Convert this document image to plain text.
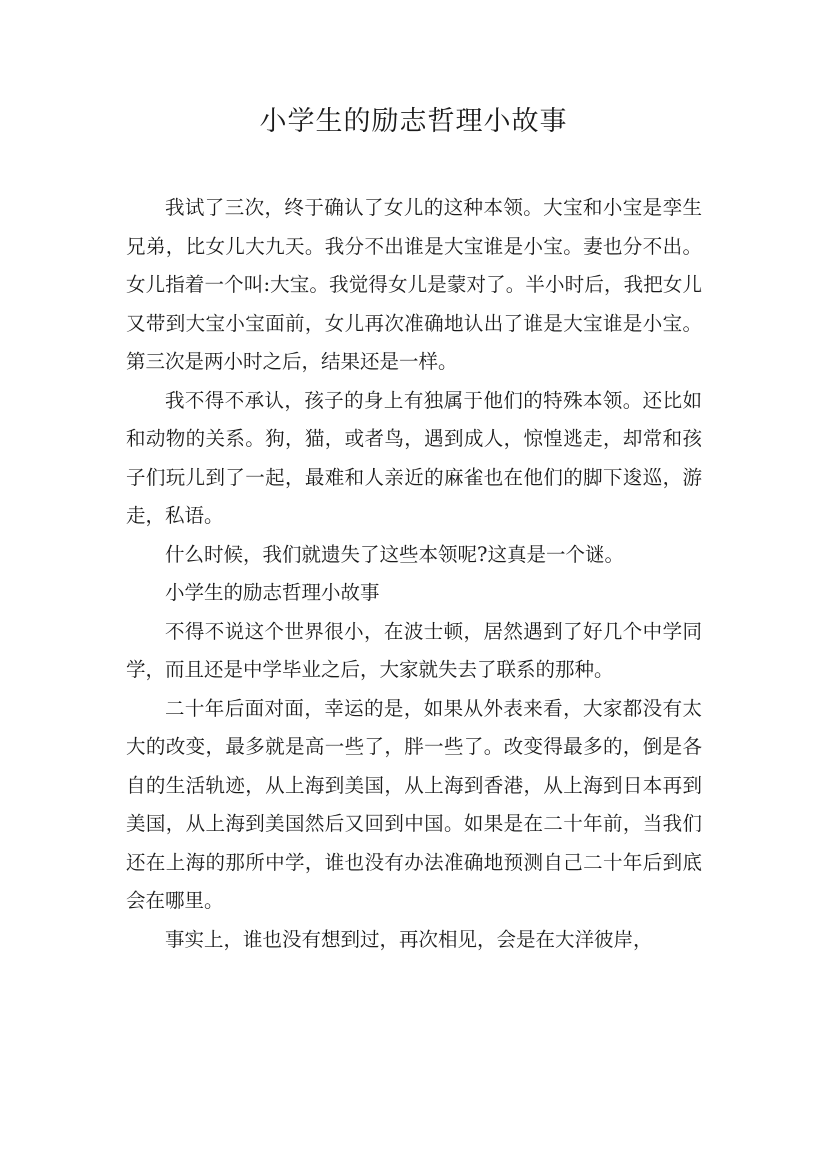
小学生的励志哲理小故事

我试了三次，终于确认了女儿的这种本领。大宝和小宝是孪生兄弟，比女儿大九天。我分不出谁是大宝谁是小宝。妻也分不出。女儿指着一个叫:大宝。我觉得女儿是蒙对了。半小时后，我把女儿又带到大宝小宝面前，女儿再次准确地认出了谁是大宝谁是小宝。第三次是两小时之后，结果还是一样。

我不得不承认，孩子的身上有独属于他们的特殊本领。还比如和动物的关系。狗，猫，或者鸟，遇到成人，惊惶逃走，却常和孩子们玩儿到了一起，最难和人亲近的麻雀也在他们的脚下逡巡，游走，私语。

什么时候，我们就遗失了这些本领呢?这真是一个谜。

小学生的励志哲理小故事

不得不说这个世界很小，在波士顿，居然遇到了好几个中学同学，而且还是中学毕业之后，大家就失去了联系的那种。

二十年后面对面，幸运的是，如果从外表来看，大家都没有太大的改变，最多就是高一些了，胖一些了。改变得最多的，倒是各自的生活轨迹，从上海到美国，从上海到香港，从上海到日本再到美国，从上海到美国然后又回到中国。如果是在二十年前，当我们还在上海的那所中学，谁也没有办法准确地预测自己二十年后到底会在哪里。

事实上，谁也没有想到过，再次相见，会是在大洋彼岸，
